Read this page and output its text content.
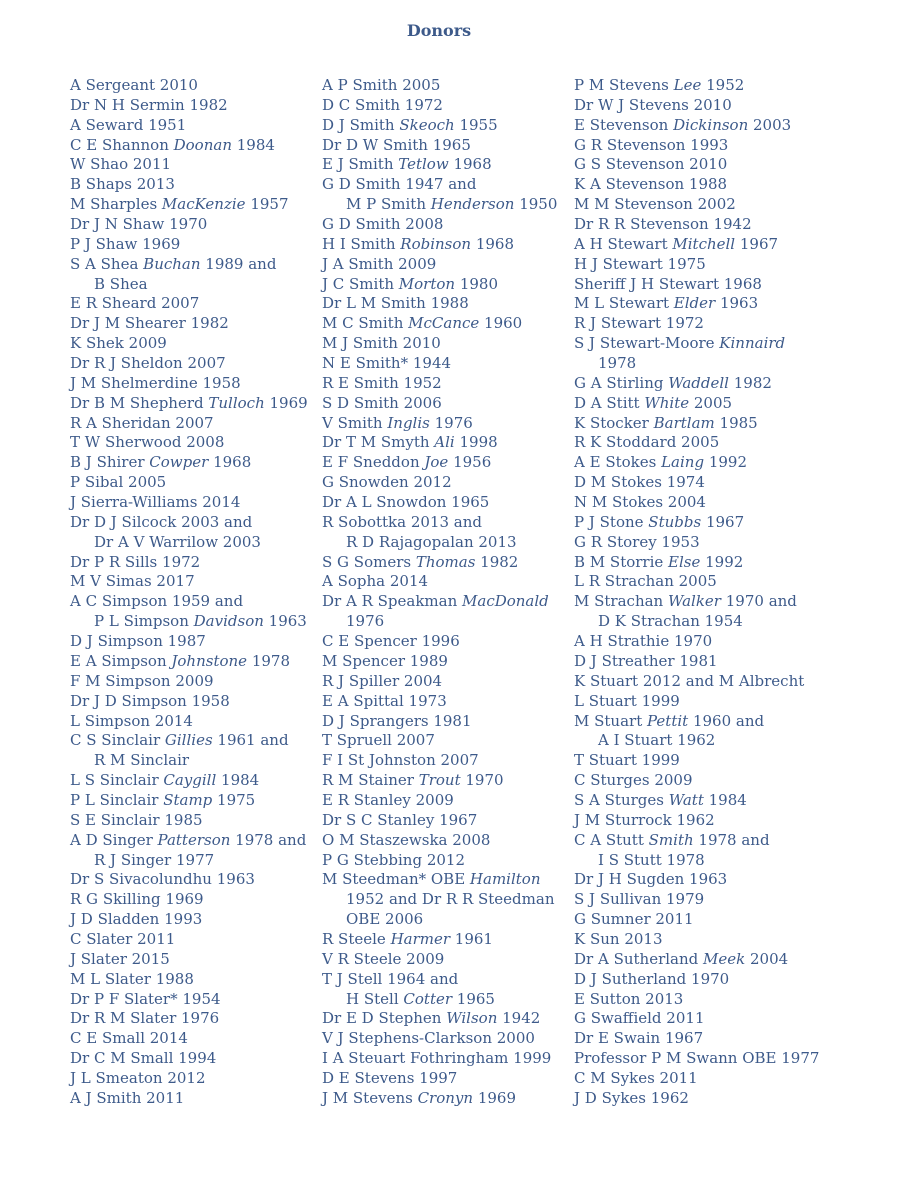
Donors
A Sergeant 2010
Dr N H Sermin 1982
A Seward 1951
C E Shannon Doonan 1984
W Shao 2011
B Shaps 2013
M Sharples MacKenzie 1957
Dr J N Shaw 1970
P J Shaw 1969
S A Shea Buchan 1989 and
B Shea
E R Sheard 2007
Dr J M Shearer 1982
K Shek 2009
Dr R J Sheldon 2007
J M Shelmerdine 1958
Dr B M Shepherd Tulloch 1969
R A Sheridan 2007
T W Sherwood 2008
B J Shirer Cowper 1968
P Sibal 2005
J Sierra-Williams 2014
Dr D J Silcock 2003 and
Dr A V Warrilow 2003
Dr P R Sills 1972
M V Simas 2017
A C Simpson 1959 and
P L Simpson Davidson 1963
D J Simpson 1987
E A Simpson Johnstone 1978
F M Simpson 2009
Dr J D Simpson 1958
L Simpson 2014
C S Sinclair Gillies 1961 and
R M Sinclair
L S Sinclair Caygill 1984
P L Sinclair Stamp 1975
S E Sinclair 1985
A D Singer Patterson 1978 and
R J Singer 1977
Dr S Sivacolundhu 1963
R G Skilling 1969
J D Sladden 1993
C Slater 2011
J Slater 2015
M L Slater 1988
Dr P F Slater* 1954
Dr R M Slater 1976
C E Small 2014
Dr C M Small 1994
J L Smeaton 2012
A J Smith 2011
A P Smith 2005
D C Smith 1972
D J Smith Skeoch 1955
Dr D W Smith 1965
E J Smith Tetlow 1968
G D Smith 1947 and
M P Smith Henderson 1950
G D Smith 2008
H I Smith Robinson 1968
J A Smith 2009
J C Smith Morton 1980
Dr L M Smith 1988
M C Smith McCance 1960
M J Smith 2010
N E Smith* 1944
R E Smith 1952
S D Smith 2006
V Smith Inglis 1976
Dr T M Smyth Ali 1998
E F Sneddon Joe 1956
G Snowden 2012
Dr A L Snowdon 1965
R Sobottka 2013 and
R D Rajagopalan 2013
S G Somers Thomas 1982
A Sopha 2014
Dr A R Speakman MacDonald
1976
C E Spencer 1996
M Spencer 1989
R J Spiller 2004
E A Spittal 1973
D J Sprangers 1981
T Spruell 2007
F I St Johnston 2007
R M Stainer Trout 1970
E R Stanley 2009
Dr S C Stanley 1967
O M Staszewska 2008
P G Stebbing 2012
M Steedman* OBE Hamilton
1952 and Dr R R Steedman
OBE 2006
R Steele Harmer 1961
V R Steele 2009
T J Stell 1964 and
H Stell Cotter 1965
Dr E D Stephen Wilson 1942
V J Stephens-Clarkson 2000
I A Steuart Fothringham 1999
D E Stevens 1997
J M Stevens Cronyn 1969
P M Stevens Lee 1952
Dr W J Stevens 2010
E Stevenson Dickinson 2003
G R Stevenson 1993
G S Stevenson 2010
K A Stevenson 1988
M M Stevenson 2002
Dr R R Stevenson 1942
A H Stewart Mitchell 1967
H J Stewart 1975
Sheriff J H Stewart 1968
M L Stewart Elder 1963
R J Stewart 1972
S J Stewart-Moore Kinnaird
1978
G A Stirling Waddell 1982
D A Stitt White 2005
K Stocker Bartlam 1985
R K Stoddard 2005
A E Stokes Laing 1992
D M Stokes 1974
N M Stokes 2004
P J Stone Stubbs 1967
G R Storey 1953
B M Storrie Else 1992
L R Strachan 2005
M Strachan Walker 1970 and
D K Strachan 1954
A H Strathie 1970
D J Streather 1981
K Stuart 2012 and M Albrecht
L Stuart 1999
M Stuart Pettit 1960 and
A I Stuart 1962
T Stuart 1999
C Sturges 2009
S A Sturges Watt 1984
J M Sturrock 1962
C A Stutt Smith 1978 and
I S Stutt 1978
Dr J H Sugden 1963
S J Sullivan 1979
G Sumner 2011
K Sun 2013
Dr A Sutherland Meek 2004
D J Sutherland 1970
E Sutton 2013
G Swaffield 2011
Dr E Swain 1967
Professor P M Swann OBE 1977
C M Sykes 2011
J D Sykes 1962
